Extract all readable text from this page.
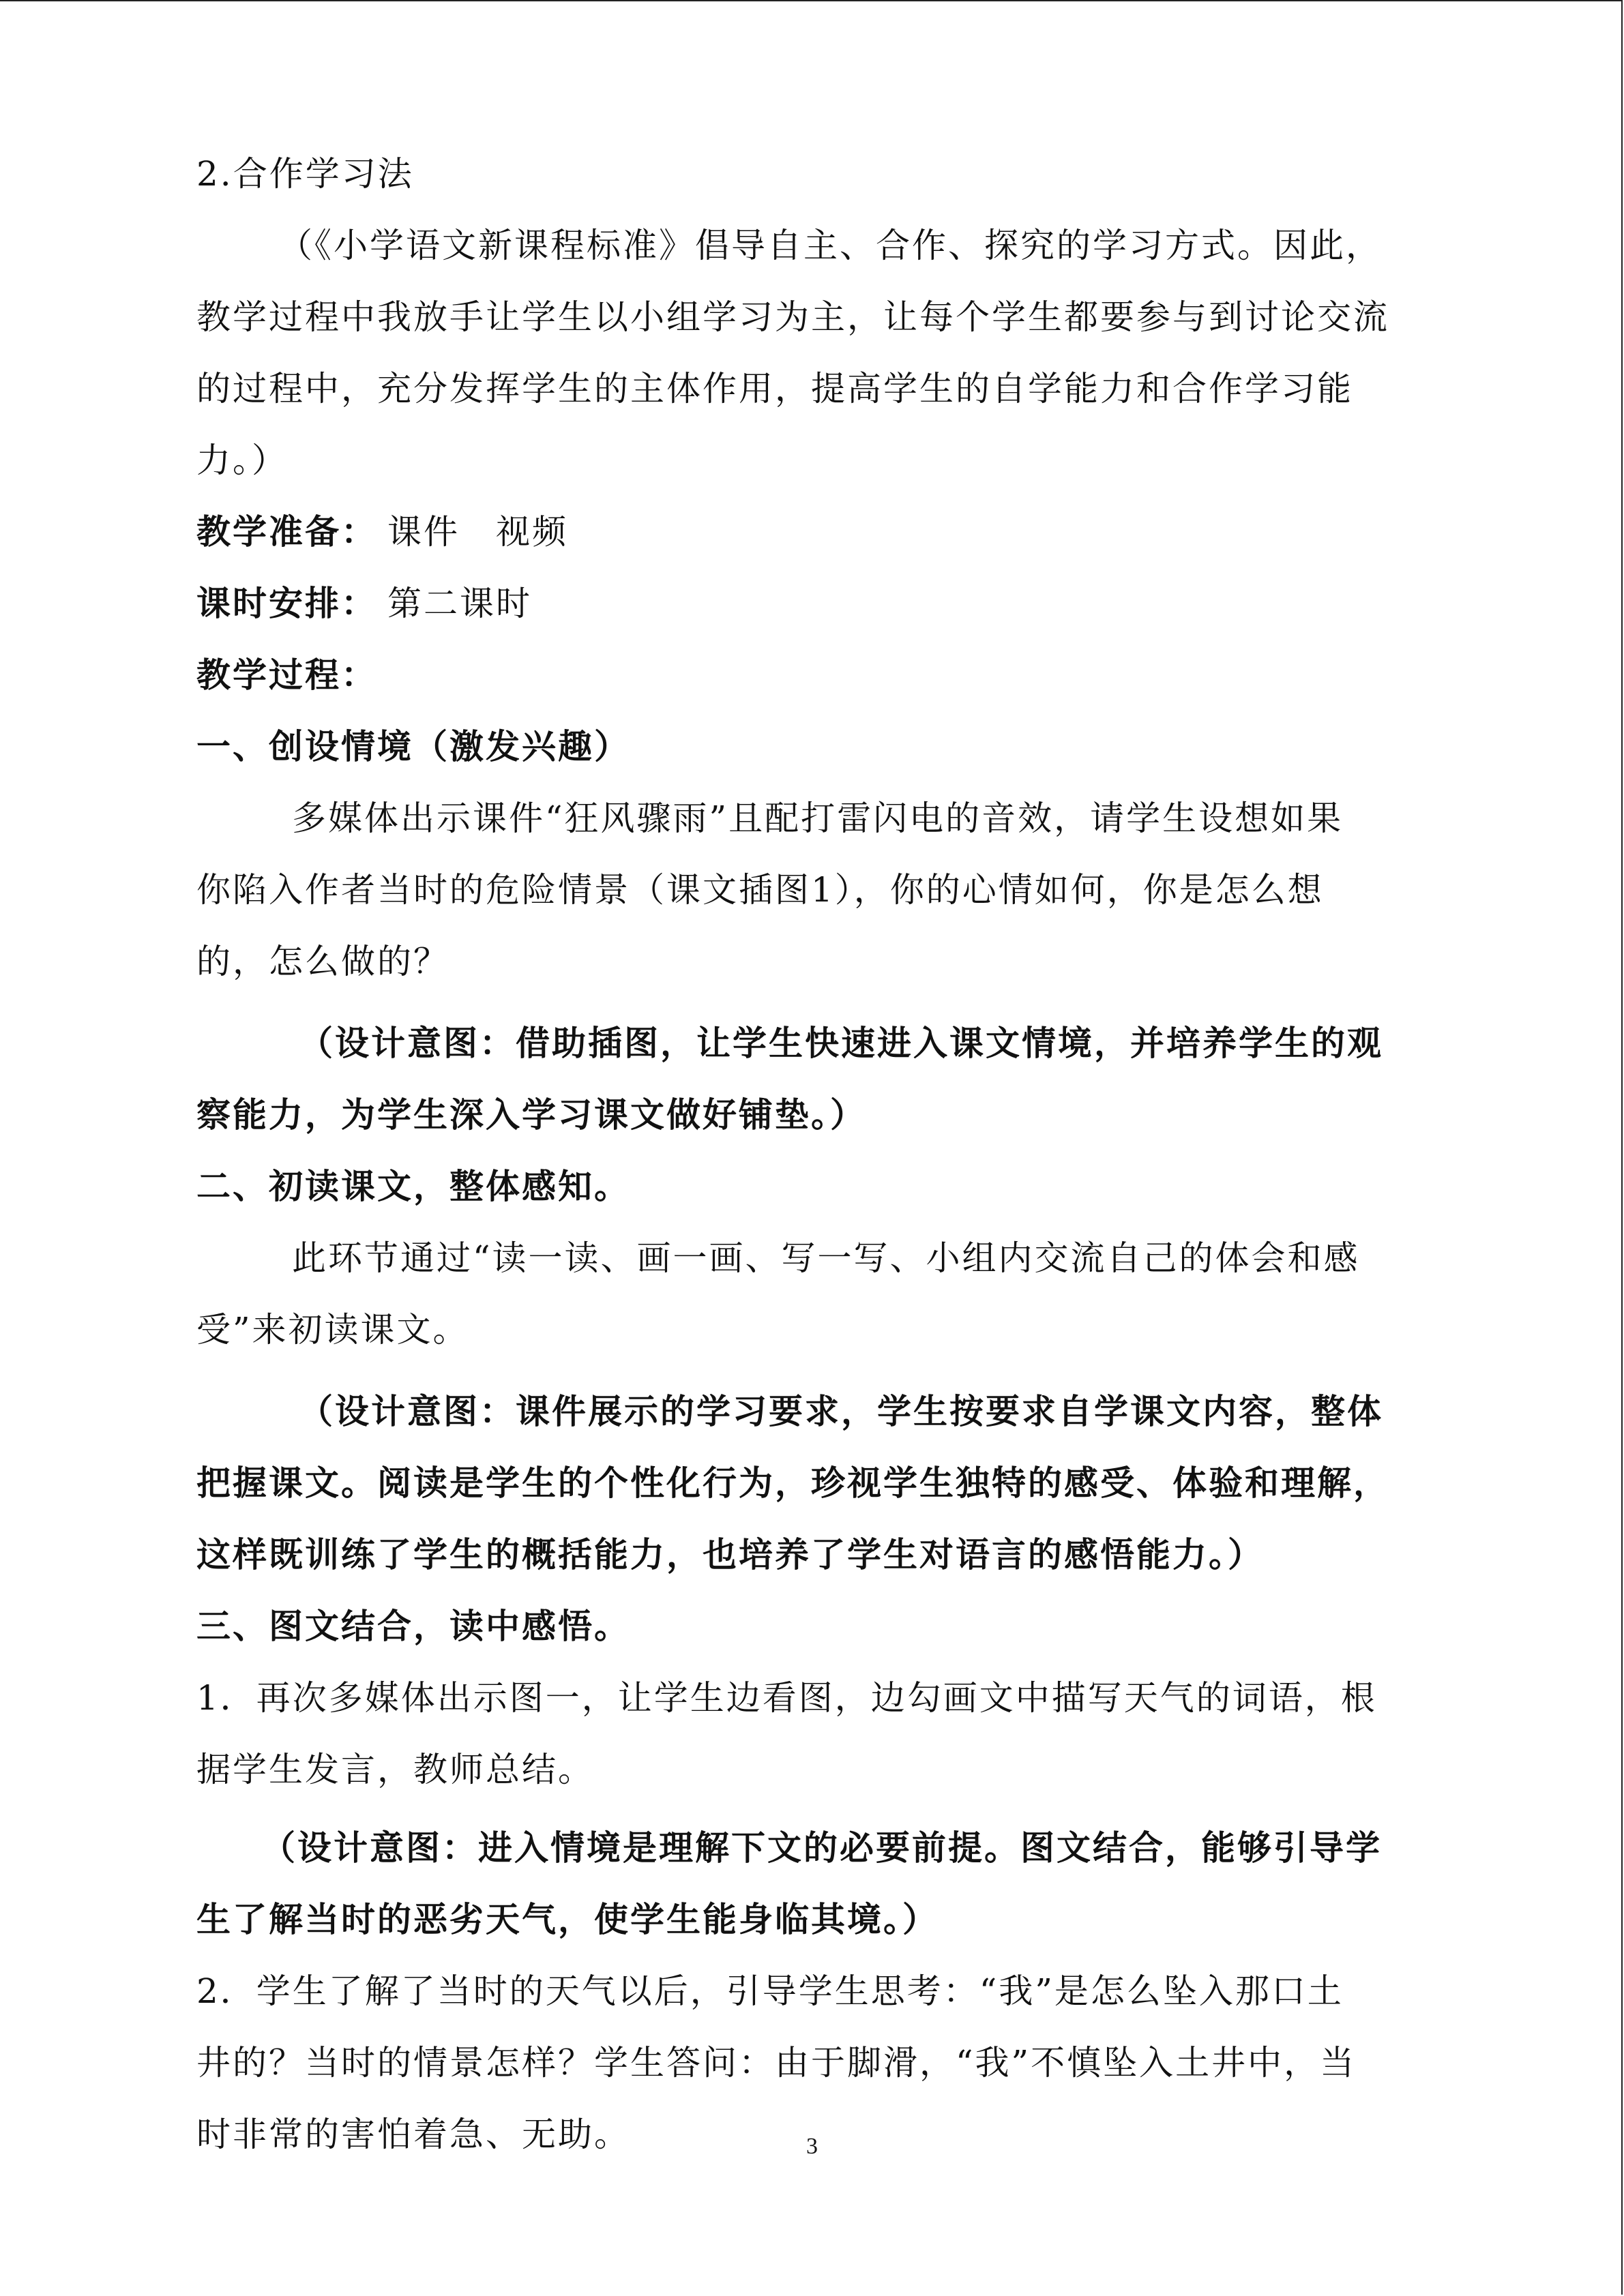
2.合作学习法
（《小学语文新课程标准》倡导自主、合作、探究的学习方式。因此，
教学过程中我放手让学生以小组学习为主，让每个学生都要参与到讨论交流
的过程中，充分发挥学生的主体作用，提高学生的自学能力和合作学习能
力。）
教学准备： 课件　视频
课时安排： 第二课时
教学过程：
一、创设情境（激发兴趣）
多媒体出示课件“狂风骤雨”且配打雷闪电的音效，请学生设想如果
你陷入作者当时的危险情景（课文插图1），你的心情如何，你是怎么想
的，怎么做的？
（设计意图：借助插图，让学生快速进入课文情境，并培养学生的观
察能力，为学生深入学习课文做好铺垫。）
二、初读课文，整体感知。
此环节通过“读一读、画一画、写一写、小组内交流自己的体会和感
受”来初读课文。
（设计意图：课件展示的学习要求，学生按要求自学课文内容，整体
把握课文。阅读是学生的个性化行为，珍视学生独特的感受、体验和理解，
这样既训练了学生的概括能力，也培养了学生对语言的感悟能力。）
三、图文结合，读中感悟。
1．再次多媒体出示图一，让学生边看图，边勾画文中描写天气的词语，根
据学生发言，教师总结。
（设计意图：进入情境是理解下文的必要前提。图文结合，能够引导学
生了解当时的恶劣天气，使学生能身临其境。）
2．学生了解了当时的天气以后，引导学生思考：“我”是怎么坠入那口土
井的？当时的情景怎样？学生答问：由于脚滑，“我”不慎坠入土井中，当
时非常的害怕着急、无助。	3
